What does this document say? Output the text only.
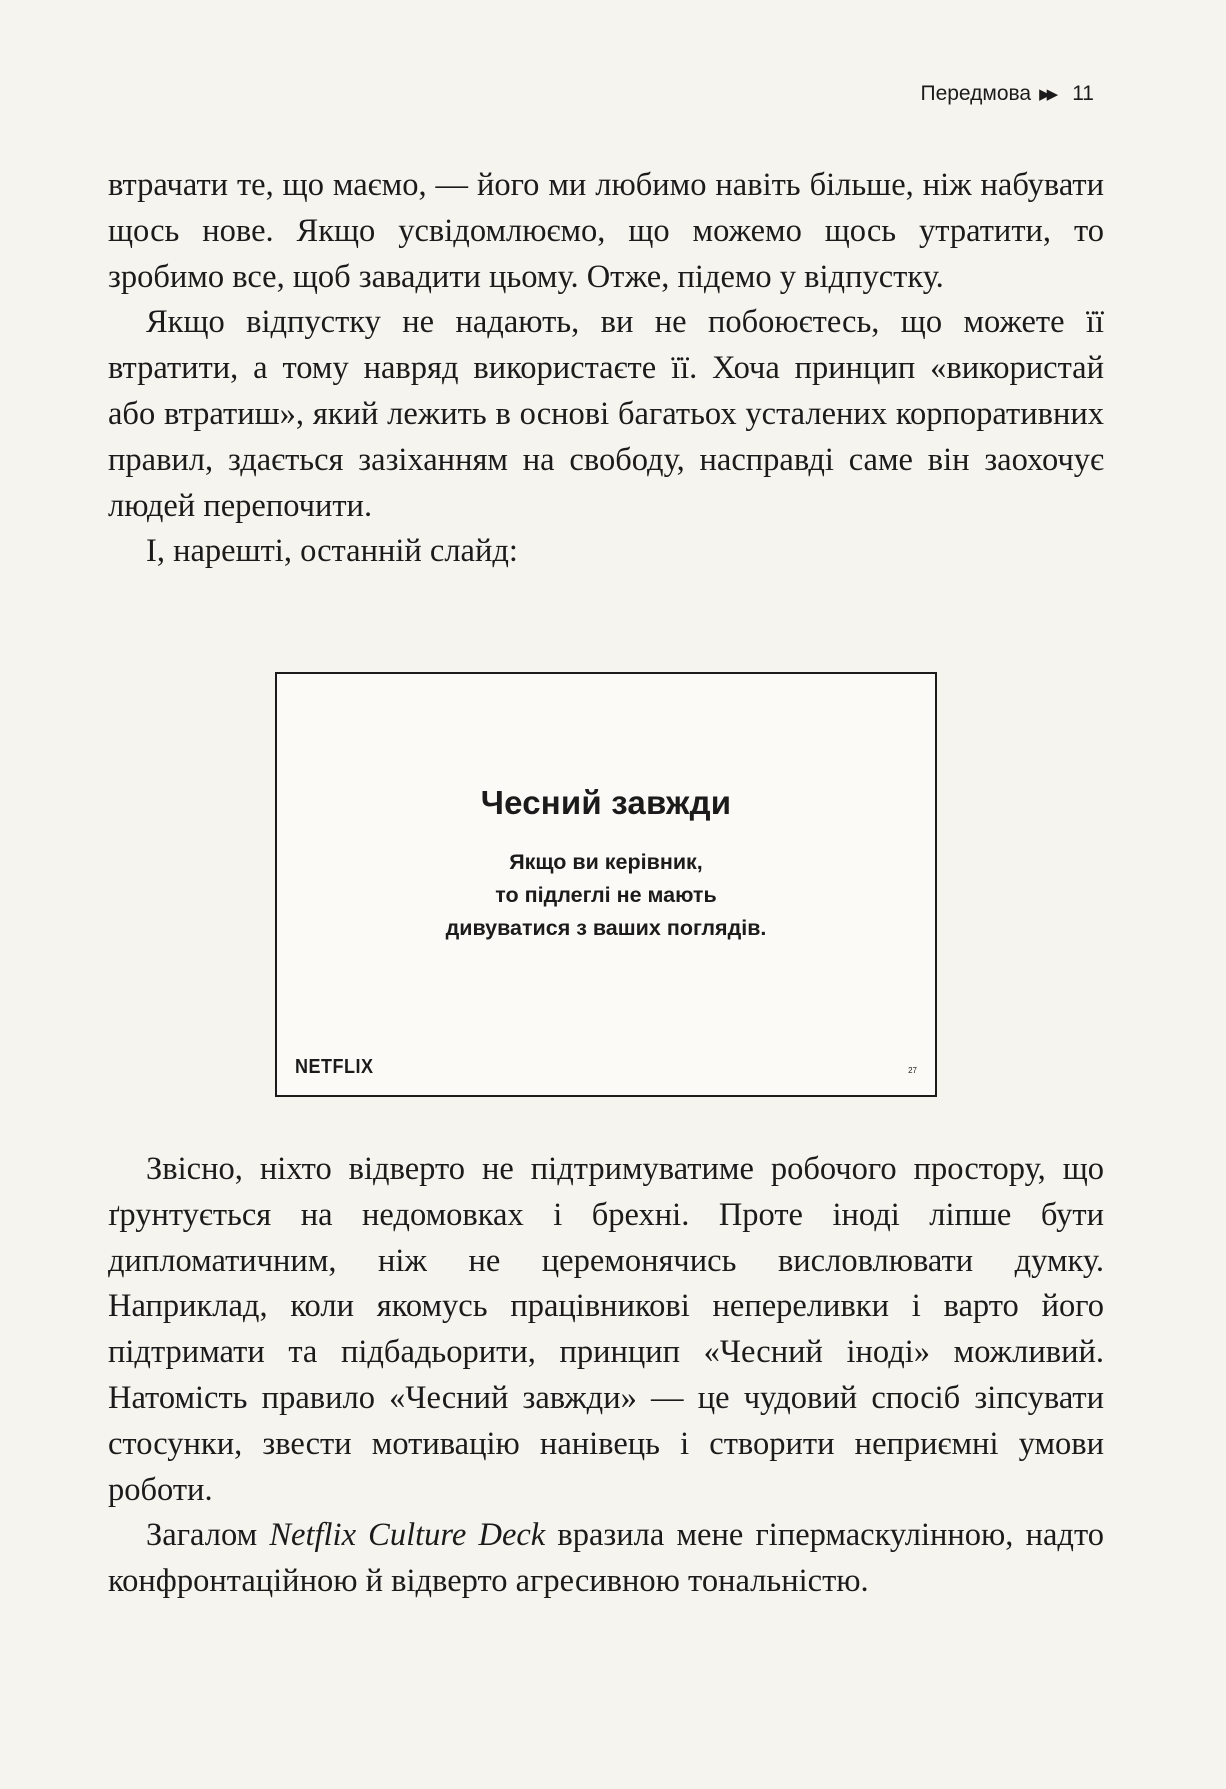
Передмова ▶▶ 11

втрачати те, що маємо, — його ми любимо навіть більше, ніж набувати щось нове. Якщо усвідомлюємо, що можемо щось утратити, то зробимо все, щоб завадити цьому. Отже, підемо у відпустку.

Якщо відпустку не надають, ви не побоюєтесь, що можете її втратити, а тому навряд використаєте її. Хоча принцип «використай або втратиш», який лежить в основі багатьох усталених корпоративних правил, здається зазіханням на свободу, насправді саме він заохочує людей перепочити.

І, нарешті, останній слайд:

Чесний завжди
Якщо ви керівник,
то підлеглі не мають
дивуватися з ваших поглядів.
NETFLIX	27

Звісно, ніхто відверто не підтримуватиме робочого простору, що ґрунтується на недомовках і брехні. Проте іноді ліпше бути дипломатичним, ніж не церемонячись висловлювати думку. Наприклад, коли якомусь працівникові непереливки і варто його підтримати та підбадьорити, принцип «Чесний іноді» можливий. Натомість правило «Чесний завжди» — це чудовий спосіб зіпсувати стосунки, звести мотивацію нанівець і створити неприємні умови роботи.

Загалом Netflix Culture Deck вразила мене гіпермаскулінною, надто конфронтаційною й відверто агресивною тональністю.
